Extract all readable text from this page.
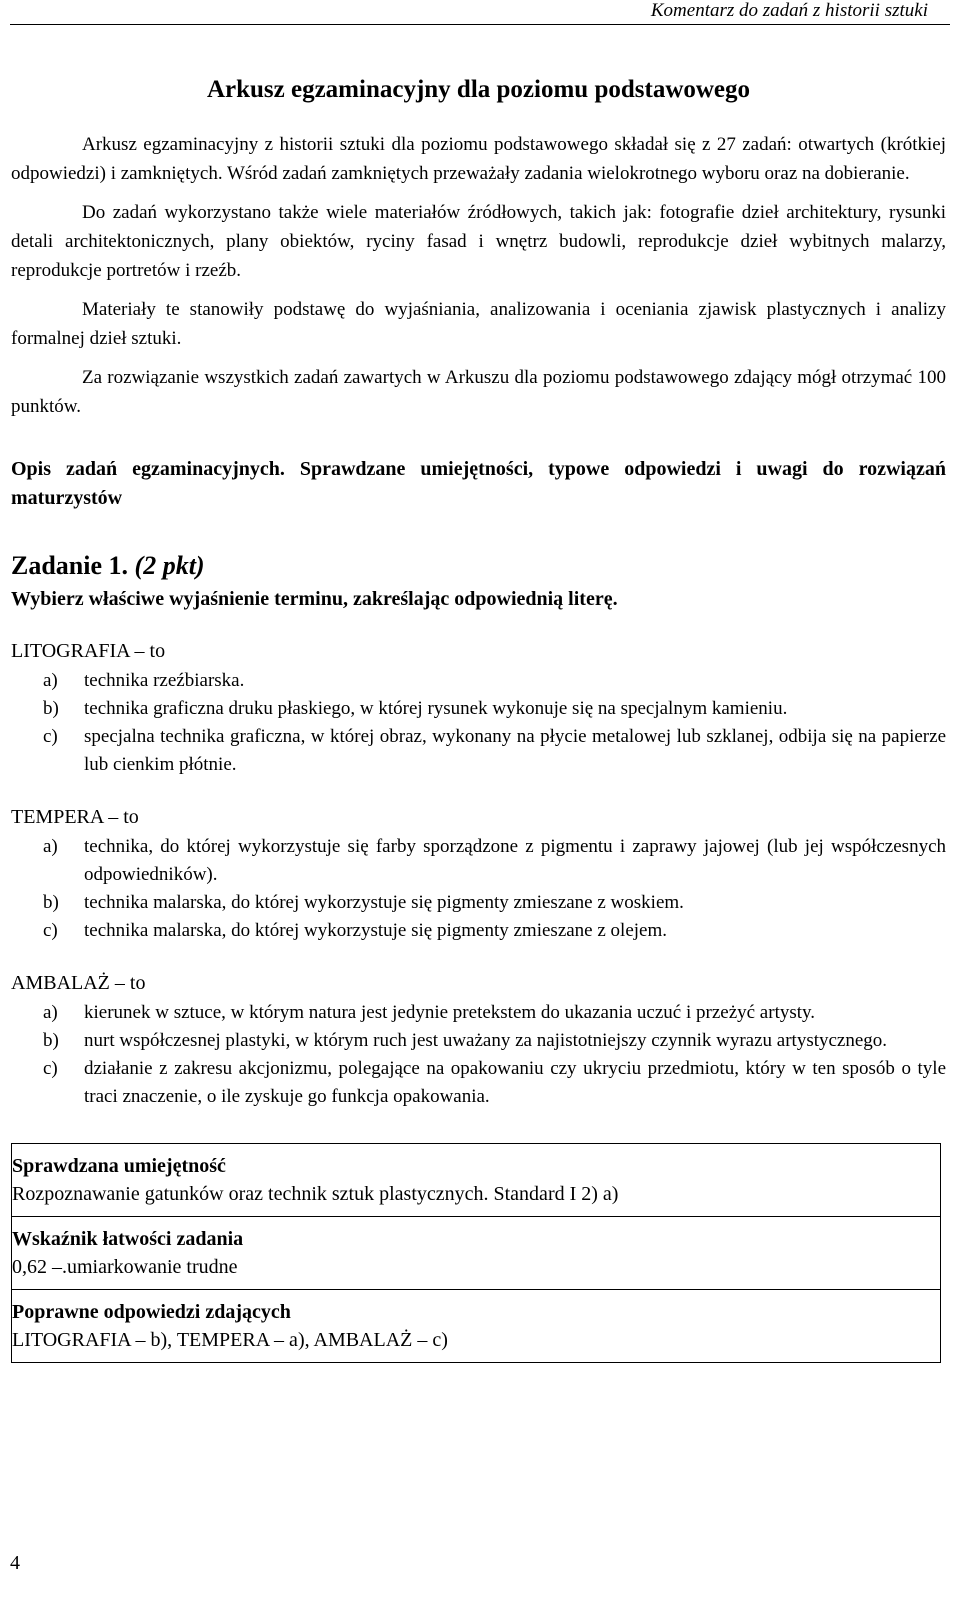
Komentarz do zadań z historii sztuki
Arkusz egzaminacyjny dla poziomu podstawowego

Arkusz egzaminacyjny z historii sztuki dla poziomu podstawowego składał się z 27 zadań: otwartych (krótkiej odpowiedzi) i zamkniętych. Wśród zadań zamkniętych przeważały zadania wielokrotnego wyboru oraz na dobieranie.

Do zadań wykorzystano także wiele materiałów źródłowych, takich jak: fotografie dzieł architektury, rysunki detali architektonicznych, plany obiektów, ryciny fasad i wnętrz budowli, reprodukcje dzieł wybitnych malarzy, reprodukcje portretów i rzeźb.

Materiały te stanowiły podstawę do wyjaśniania, analizowania i oceniania zjawisk plastycznych i analizy formalnej dzieł sztuki.

Za rozwiązanie wszystkich zadań zawartych w Arkuszu dla poziomu podstawowego zdający mógł otrzymać 100 punktów.

Opis zadań egzaminacyjnych. Sprawdzane umiejętności, typowe odpowiedzi i uwagi do rozwiązań maturzystów
Zadanie 1. (2 pkt)
Wybierz właściwe wyjaśnienie terminu, zakreślając odpowiednią literę.
LITOGRAFIA – to
a) technika rzeźbiarska.
b) technika graficzna druku płaskiego, w której rysunek wykonuje się na specjalnym kamieniu.
c) specjalna technika graficzna, w której obraz, wykonany na płycie metalowej lub szklanej, odbija się na papierze lub cienkim płótnie.
TEMPERA – to
a) technika, do której wykorzystuje się farby sporządzone z pigmentu i zaprawy jajowej (lub jej współczesnych odpowiedników).
b) technika malarska, do której wykorzystuje się pigmenty zmieszane z woskiem.
c) technika malarska, do której wykorzystuje się pigmenty zmieszane z olejem.
AMBALAŻ – to
a) kierunek w sztuce, w którym natura jest jedynie pretekstem do ukazania uczuć i przeżyć artysty.
b) nurt współczesnej plastyki, w którym ruch jest uważany za najistotniejszy czynnik wyrazu artystycznego.
c) działanie z zakresu akcjonizmu, polegające na opakowaniu czy ukryciu przedmiotu, który w ten sposób o tyle traci znaczenie, o ile zyskuje go funkcja opakowania.
Sprawdzana umiejętność
Rozpoznawanie gatunków oraz technik sztuk plastycznych. Standard I 2) a)
Wskaźnik łatwości zadania
0,62 –.umiarkowanie trudne
Poprawne odpowiedzi zdających
LITOGRAFIA – b), TEMPERA – a), AMBALAŻ – c)
4
